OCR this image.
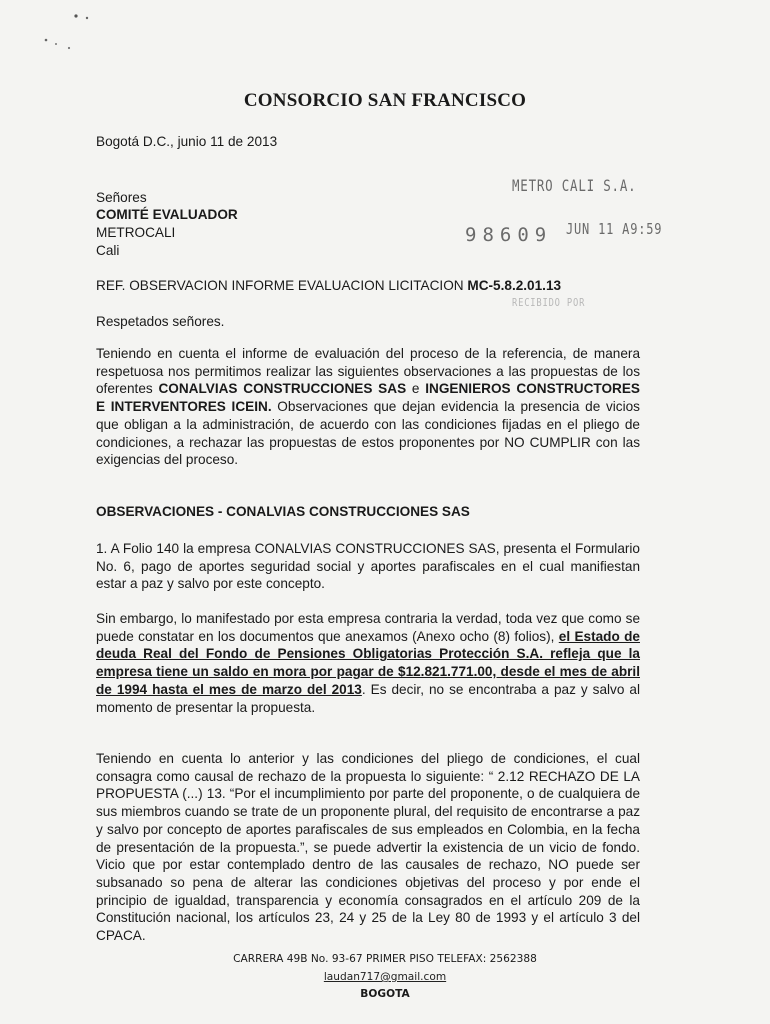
CONSORCIO SAN FRANCISCO
Bogotá D.C., junio 11 de 2013
Señores
COMITÉ EVALUADOR
METROCALI
Cali
METRO CALI S.A.
98609 JUN 11 A9:59
RECIBIDO POR
REF. OBSERVACION INFORME EVALUACION LICITACION MC-5.8.2.01.13
Respetados señores.
Teniendo en cuenta el informe de evaluación del proceso de la referencia, de manera respetuosa nos permitimos realizar las siguientes observaciones a las propuestas de los oferentes CONALVIAS CONSTRUCCIONES SAS e INGENIEROS CONSTRUCTORES E INTERVENTORES ICEIN. Observaciones que dejan evidencia la presencia de vicios que obligan a la administración, de acuerdo con las condiciones fijadas en el pliego de condiciones, a rechazar las propuestas de estos proponentes por NO CUMPLIR con las exigencias del proceso.
OBSERVACIONES - CONALVIAS CONSTRUCCIONES SAS
1. A Folio 140 la empresa CONALVIAS CONSTRUCCIONES SAS, presenta el Formulario No. 6, pago de aportes seguridad social y aportes parafiscales en el cual manifiestan estar a paz y salvo por este concepto.
Sin embargo, lo manifestado por esta empresa contraria la verdad, toda vez que como se puede constatar en los documentos que anexamos (Anexo ocho (8) folios), el Estado de deuda Real del Fondo de Pensiones Obligatorias Protección S.A. refleja que la empresa tiene un saldo en mora por pagar de $12.821.771.00, desde el mes de abril de 1994 hasta el mes de marzo del 2013. Es decir, no se encontraba a paz y salvo al momento de presentar la propuesta.
Teniendo en cuenta lo anterior y las condiciones del pliego de condiciones, el cual consagra como causal de rechazo de la propuesta lo siguiente: “ 2.12 RECHAZO DE LA PROPUESTA (...) 13. “Por el incumplimiento por parte del proponente, o de cualquiera de sus miembros cuando se trate de un proponente plural, del requisito de encontrarse a paz y salvo por concepto de aportes parafiscales de sus empleados en Colombia, en la fecha de presentación de la propuesta.”, se puede advertir la existencia de un vicio de fondo. Vicio que por estar contemplado dentro de las causales de rechazo, NO puede ser subsanado so pena de alterar las condiciones objetivas del proceso y por ende el principio de igualdad, transparencia y economía consagrados en el artículo 209 de la Constitución nacional, los artículos 23, 24 y 25 de la Ley 80 de 1993 y el artículo 3 del CPACA.
CARRERA 49B No. 93-67 PRIMER PISO TELEFAX: 2562388
laudan717@gmail.com
BOGOTA
